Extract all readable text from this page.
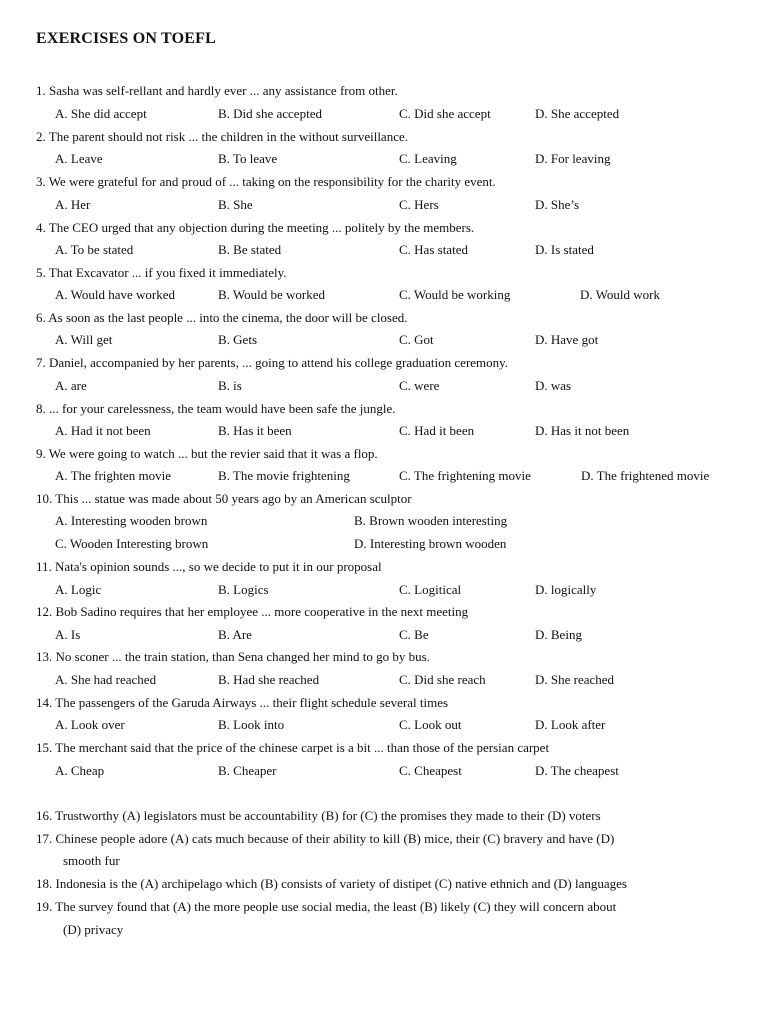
EXERCISES ON TOEFL
1. Sasha was self-rellant and hardly ever ... any assistance from other.
A. She did accept	B. Did she accepted	C. Did she accept	D. She accepted
2. The parent should not risk ... the children in the without surveillance.
A. Leave	B. To leave	C. Leaving	D. For leaving
3. We were grateful for and proud of ... taking on the responsibility for the charity event.
A. Her	B. She	C. Hers	D. She’s
4. The CEO urged that any objection during the meeting ... politely by the members.
A. To be stated	B. Be stated	C. Has stated	D. Is stated
5. That Excavator ... if you fixed it immediately.
A. Would have worked	B. Would be worked	C. Would be working	D. Would work
6. As soon as the last people ... into the cinema, the door will be closed.
A. Will get	B. Gets	C. Got	D. Have got
7. Daniel, accompanied by her parents, ... going to attend his college graduation ceremony.
A. are	B. is	C. were	D. was
8. ... for your carelessness, the team would have been safe the jungle.
A. Had it not been	B. Has it been	C. Had it been	D. Has it not been
9. We were going to watch ... but the revier said that it was a flop.
A. The frighten movie	B. The movie frightening	C. The frightening movie	D. The frightened movie
10. This ... statue was made about 50 years ago by an American sculptor
A. Interesting wooden brown	B. Brown wooden interesting
C. Wooden Interesting brown	D. Interesting brown wooden
11. Nata's opinion sounds ..., so we decide to put it in our proposal
A. Logic	B. Logics	C. Logitical	D. logically
12. Bob Sadino requires that her employee ... more cooperative in the next meeting
A. Is	B. Are	C. Be	D. Being
13. No sconer ... the train station, than Sena changed her mind to go by bus.
A. She had reached	B. Had she reached	C. Did she reach	D. She reached
14. The passengers of the Garuda Airways ... their flight schedule several times
A. Look over	B. Look into	C. Look out	D. Look after
15. The merchant said that the price of the chinese carpet is a bit ... than those of the persian carpet
A. Cheap	B. Cheaper	C. Cheapest	D. The cheapest
16. Trustworthy (A) legislators must be accountability (B) for (C) the promises they made to their (D) voters
17. Chinese people adore (A) cats much because of their ability to kill (B) mice, their (C) bravery and have (D)
smooth fur
18. Indonesia is the (A) archipelago which (B) consists of variety of distipet (C) native ethnich and (D) languages
19. The survey found that (A) the more people use social media, the least (B) likely (C) they will concern about
(D) privacy
